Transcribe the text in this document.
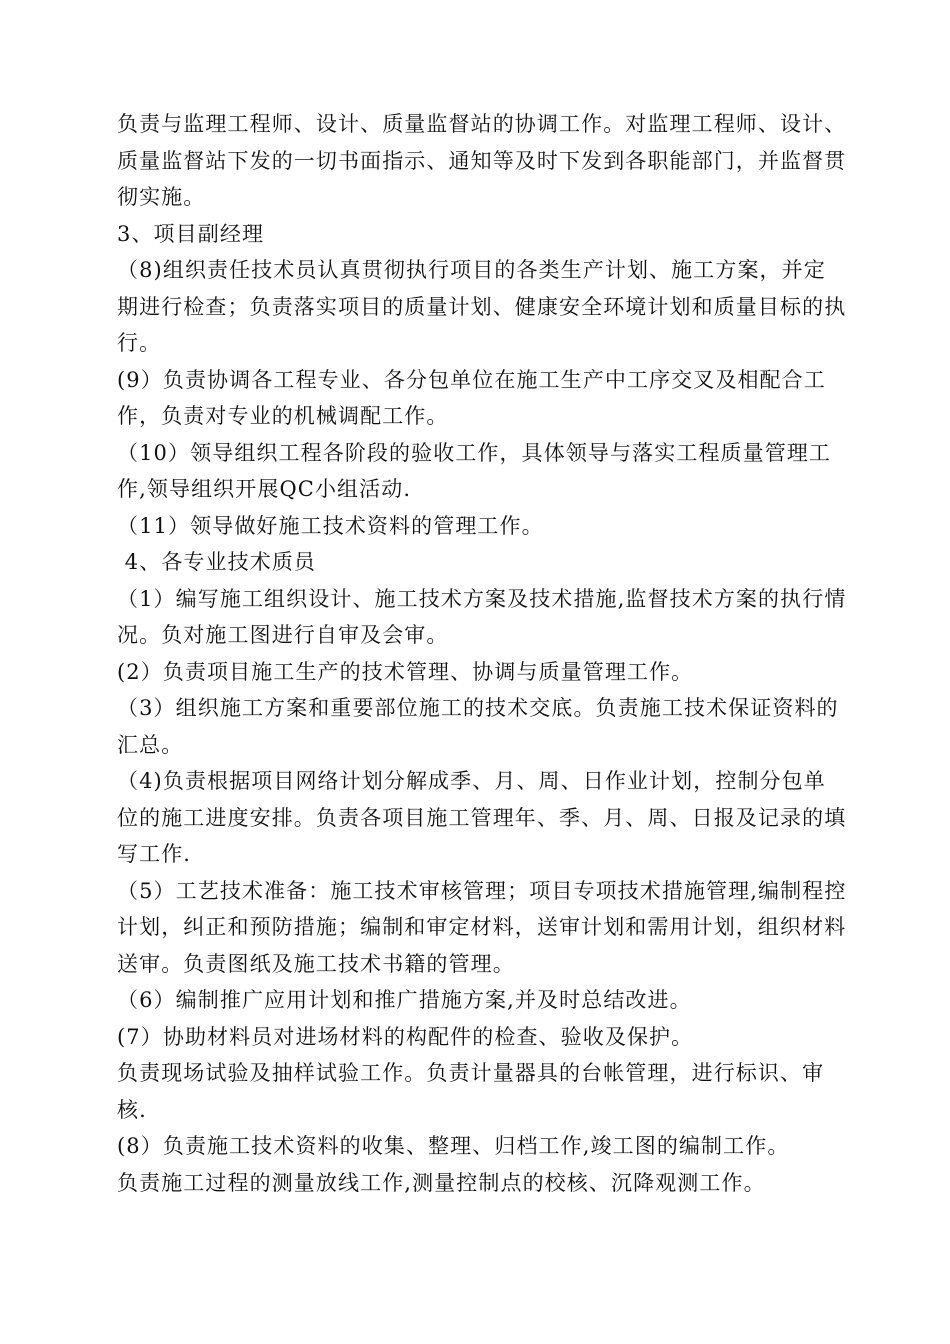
负责与监理工程师、设计、质量监督站的协调工作。对监理工程师、设计、质量监督站下发的一切书面指示、通知等及时下发到各职能部门，并监督贯彻实施。

3、项目副经理

（8)组织责任技术员认真贯彻执行项目的各类生产计划、施工方案，并定期进行检查；负责落实项目的质量计划、健康安全环境计划和质量目标的执行。

(9）负责协调各工程专业、各分包单位在施工生产中工序交叉及相配合工作，负责对专业的机械调配工作。

（10）领导组织工程各阶段的验收工作，具体领导与落实工程质量管理工作,领导组织开展QC小组活动.

（11）领导做好施工技术资料的管理工作。

4、各专业技术质员

（1）编写施工组织设计、施工技术方案及技术措施,监督技术方案的执行情况。负对施工图进行自审及会审。

(2）负责项目施工生产的技术管理、协调与质量管理工作。

（3）组织施工方案和重要部位施工的技术交底。负责施工技术保证资料的汇总。

（4)负责根据项目网络计划分解成季、月、周、日作业计划，控制分包单位的施工进度安排。负责各项目施工管理年、季、月、周、日报及记录的填写工作.

（5）工艺技术准备：施工技术审核管理；项目专项技术措施管理,编制程控计划，纠正和预防措施；编制和审定材料，送审计划和需用计划，组织材料送审。负责图纸及施工技术书籍的管理。

（6）编制推广应用计划和推广措施方案,并及时总结改进。

(7）协助材料员对进场材料的构配件的检查、验收及保护。

负责现场试验及抽样试验工作。负责计量器具的台帐管理，进行标识、审核.

(8）负责施工技术资料的收集、整理、归档工作,竣工图的编制工作。

负责施工过程的测量放线工作,测量控制点的校核、沉降观测工作。
